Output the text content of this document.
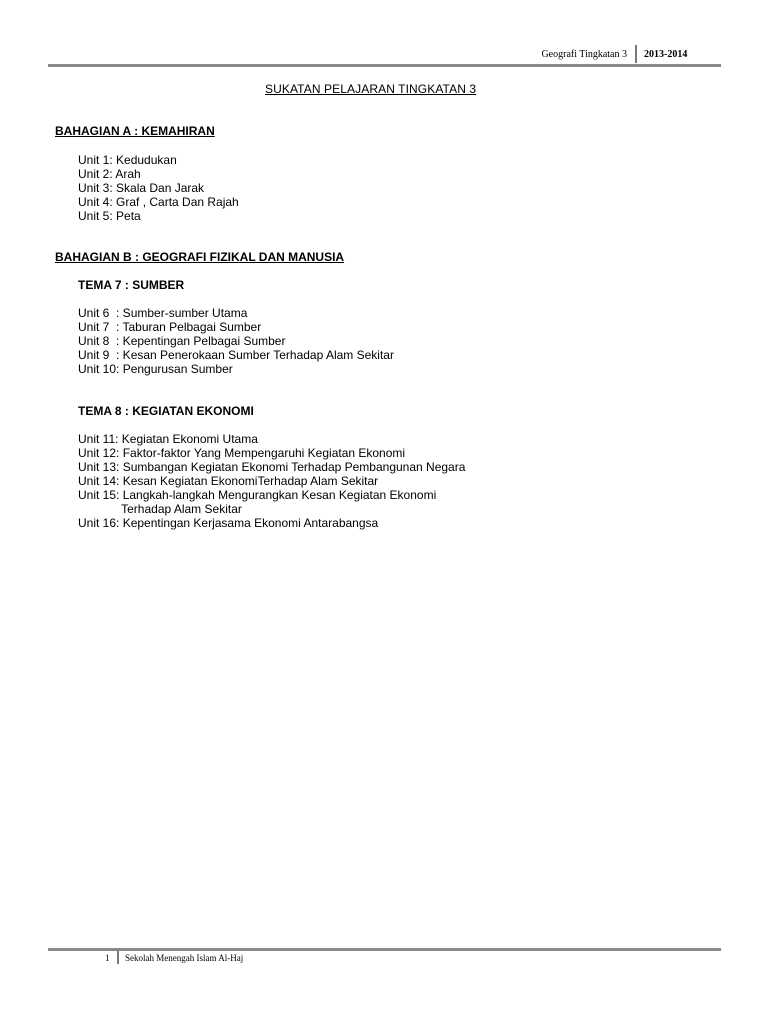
Geografi Tingkatan 3 2013-2014
SUKATAN PELAJARAN TINGKATAN 3
BAHAGIAN A : KEMAHIRAN
Unit 1: Kedudukan
Unit 2: Arah
Unit 3: Skala Dan Jarak
Unit 4: Graf , Carta Dan Rajah
Unit 5: Peta
BAHAGIAN B : GEOGRAFI FIZIKAL DAN MANUSIA
TEMA 7 : SUMBER
Unit 6  : Sumber-sumber Utama
Unit 7  : Taburan Pelbagai Sumber
Unit 8  : Kepentingan Pelbagai Sumber
Unit 9  : Kesan Penerokaan Sumber Terhadap Alam Sekitar
Unit 10: Pengurusan Sumber
TEMA 8 : KEGIATAN EKONOMI
Unit 11: Kegiatan Ekonomi Utama
Unit 12: Faktor-faktor Yang Mempengaruhi Kegiatan Ekonomi
Unit 13: Sumbangan Kegiatan Ekonomi Terhadap Pembangunan Negara
Unit 14: Kesan Kegiatan EkonomiTerhadap Alam Sekitar
Unit 15: Langkah-langkah Mengurangkan Kesan Kegiatan Ekonomi
Terhadap Alam Sekitar
Unit 16: Kepentingan Kerjasama Ekonomi Antarabangsa
1 Sekolah Menengah Islam Al-Haj
